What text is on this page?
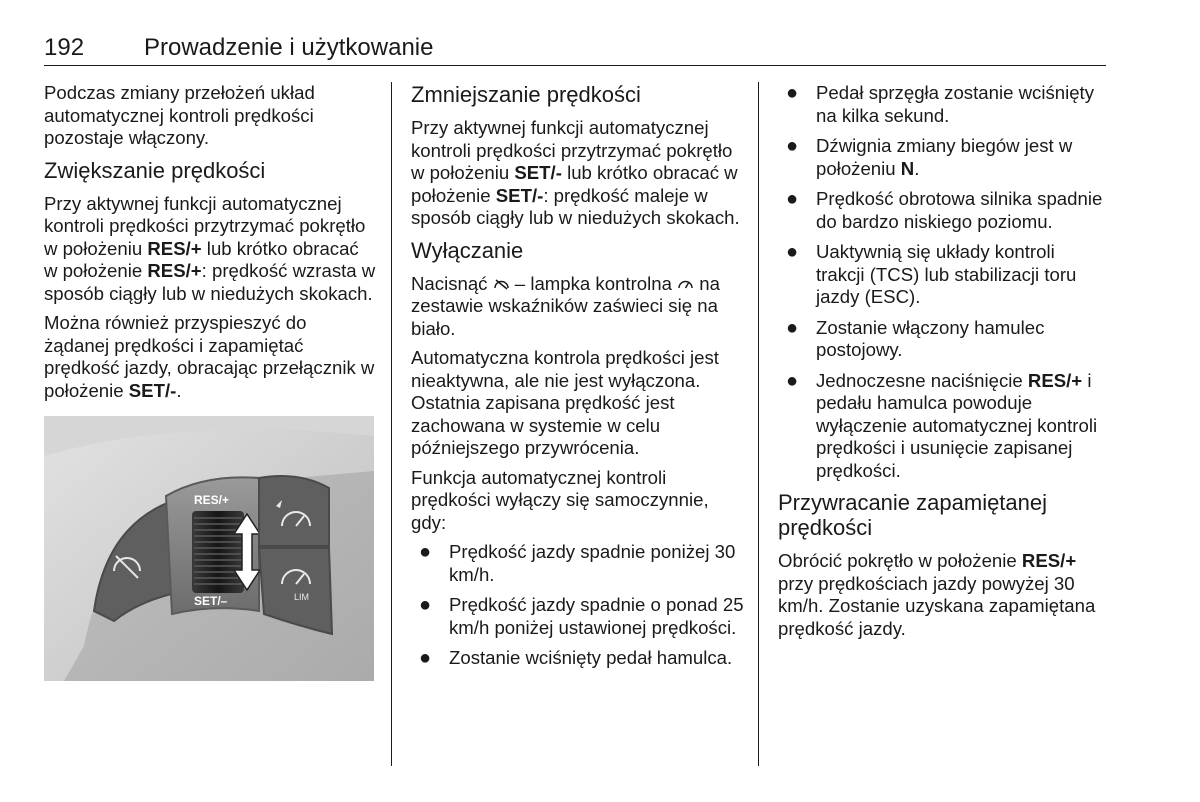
192 Prowadzenie i użytkowanie

Podczas zmiany przełożeń układ automatycznej kontroli prędkości pozostaje włączony.

Zwiększanie prędkości

Przy aktywnej funkcji automatycznej kontroli prędkości przytrzymać pokrętło w położeniu RES/+ lub krótko obracać w położenie RES/+: prędkość wzrasta w sposób ciągły lub w niedużych skokach.

Można również przyspieszyć do żądanej prędkości i zapamiętać prędkość jazdy, obracając przełącznik w położenie SET/-.

RES/+
SET/–	LIM
Zmniejszanie prędkości

Przy aktywnej funkcji automatycznej kontroli prędkości przytrzymać pokrętło w położeniu SET/- lub krótko obracać w położenie SET/-: prędkość maleje w sposób ciągły lub w niedużych skokach.

Wyłączanie

Nacisnąć  – lampka kontrolna  na zestawie wskaźników zaświeci się na biało.

Automatyczna kontrola prędkości jest nieaktywna, ale nie jest wyłączona. Ostatnia zapisana prędkość jest zachowana w systemie w celu późniejszego przywrócenia.

Funkcja automatycznej kontroli prędkości wyłączy się samoczynnie, gdy:

● Prędkość jazdy spadnie poniżej 30 km/h.
● Prędkość jazdy spadnie o ponad 25 km/h poniżej ustawionej prędkości.
● Zostanie wciśnięty pedał hamulca.
● Pedał sprzęgła zostanie wciśnięty na kilka sekund.
● Dźwignia zmiany biegów jest w położeniu N.
● Prędkość obrotowa silnika spadnie do bardzo niskiego poziomu.
● Uaktywnią się układy kontroli trakcji (TCS) lub stabilizacji toru jazdy (ESC).
● Zostanie włączony hamulec postojowy.
● Jednoczesne naciśnięcie RES/+ i pedału hamulca powoduje wyłączenie automatycznej kontroli prędkości i usunięcie zapisanej prędkości.
Przywracanie zapamiętanej prędkości

Obrócić pokrętło w położenie RES/+ przy prędkościach jazdy powyżej 30 km/h. Zostanie uzyskana zapamiętana prędkość jazdy.
